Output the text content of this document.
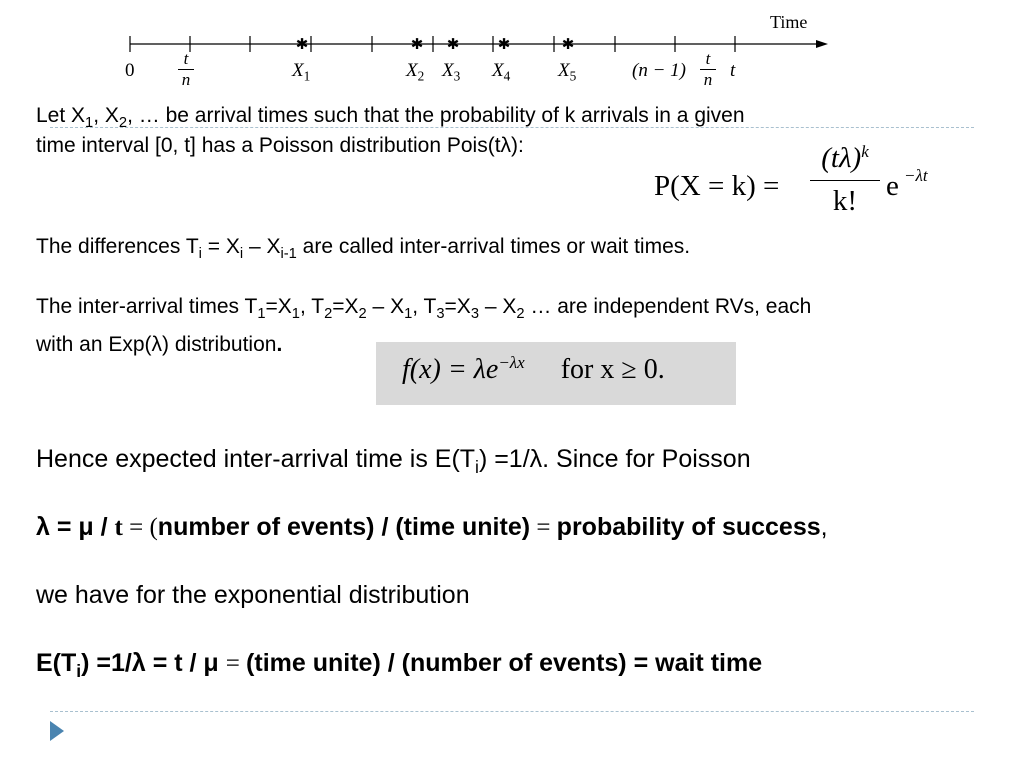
✱	✱ ✱	✱	✱
Time
0
t
n	$X_1$	$X_2$ $X_3$ $X_4$	$X_5$	(n − 1)
t
n t
Let $X_1$, $X_2$, … be arrival times such that the probability of k arrivals in a given
time interval [0, t] has a Poisson distribution Pois(tλ):
P(X = k) =
$(t\lambda)^k$
k! e −λt
The differences $T_i = X_i - X_{i-1}$ are called inter-arrival times or wait times.
The inter-arrival times $T_1=X_1$, $T_2=X_2 - X_1$, $T_3=X_3 - X_2$ … are independent RVs, each
with an Exp(λ) distribution.
$f(x) = \lambda e^{-\lambda x}$ for x ≥ 0.
Hence expected inter-arrival time is $E(T_i) =1/\lambda$. Since for Poisson
λ = μ / t = (number of events) / (time unite) = probability of success,
we have for the exponential distribution
$E(T_i) =1/\lambda = t / \mu$ = (time unite) / (number of events) = wait time
